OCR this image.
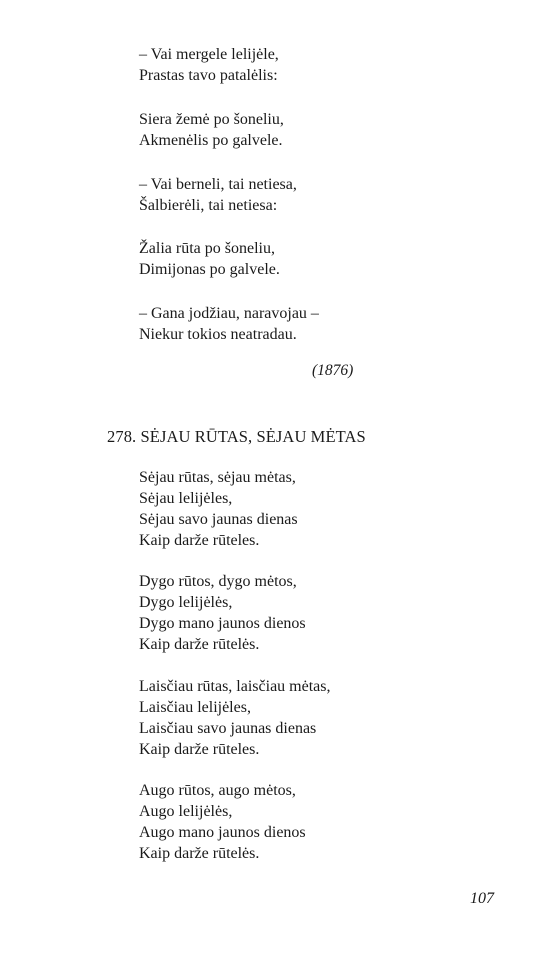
– Vai mergele lelijėle,

Prastas tavo patalėlis:

Siera žemė po šoneliu,

Akmenėlis po galvele.

– Vai berneli, tai netiesa,

Šalbierėli, tai netiesa:

Žalia rūta po šoneliu,

Dimijonas po galvele.

– Gana jodžiau, naravojau –

Niekur tokios neatradau.

(1876)

278. SĖJAU RŪTAS, SĖJAU MĖTAS

Sėjau rūtas, sėjau mėtas,

Sėjau lelijėles,

Sėjau savo jaunas dienas

Kaip darže rūteles.

Dygo rūtos, dygo mėtos,

Dygo lelijėlės,

Dygo mano jaunos dienos

Kaip darže rūtelės.

Laisčiau rūtas, laisčiau mėtas,

Laisčiau lelijėles,

Laisčiau savo jaunas dienas

Kaip darže rūteles.

Augo rūtos, augo mėtos,

Augo lelijėlės,

Augo mano jaunos dienos

Kaip darže rūtelės.

107
